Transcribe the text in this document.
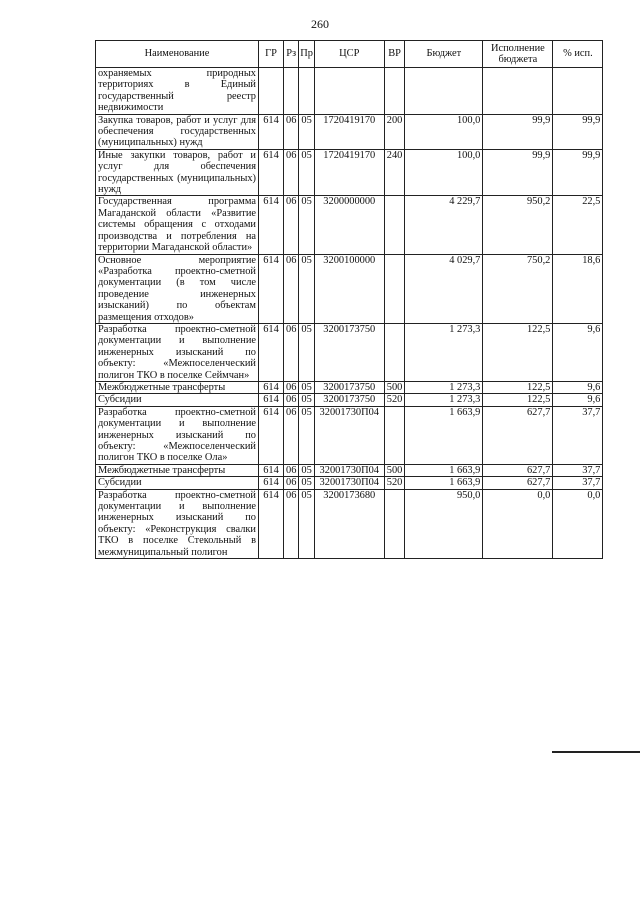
260
Наименование	ГР	Рз	Пр	ЦСР	ВР	Бюджет	Исполнение бюджета	% исп.
охраняемых природных территориях в Единый государственный реестр недвижимости								
Закупка товаров, работ и услуг для обеспечения государственных (муниципальных) нужд	614	06	05	1720419170	200	100,0	99,9	99,9
Иные закупки товаров, работ и услуг для обеспечения государственных (муниципальных) нужд	614	06	05	1720419170	240	100,0	99,9	99,9
Государственная программа Магаданской области «Развитие системы обращения с отходами производства и потребления на территории Магаданской области»	614	06	05	3200000000		4 229,7	950,2	22,5
Основное мероприятие «Разработка проектно-сметной документации (в том числе проведение инженерных изысканий) по объектам размещения отходов»	614	06	05	3200100000		4 029,7	750,2	18,6
Разработка проектно-сметной документации и выполнение инженерных изысканий по объекту: «Межпоселенческий полигон ТКО в поселке Сеймчан»	614	06	05	3200173750		1 273,3	122,5	9,6
Межбюджетные трансферты	614	06	05	3200173750	500	1 273,3	122,5	9,6
Субсидии	614	06	05	3200173750	520	1 273,3	122,5	9,6
Разработка проектно-сметной документации и выполнение инженерных изысканий по объекту: «Межпоселенческий полигон ТКО в поселке Ола»	614	06	05	32001730П04		1 663,9	627,7	37,7
Межбюджетные трансферты	614	06	05	32001730П04	500	1 663,9	627,7	37,7
Субсидии	614	06	05	32001730П04	520	1 663,9	627,7	37,7
Разработка проектно-сметной документации и выполнение инженерных изысканий по объекту: «Реконструкция свалки ТКО в поселке Стекольный в межмуниципальный полигон	614	06	05	3200173680		950,0	0,0	0,0
